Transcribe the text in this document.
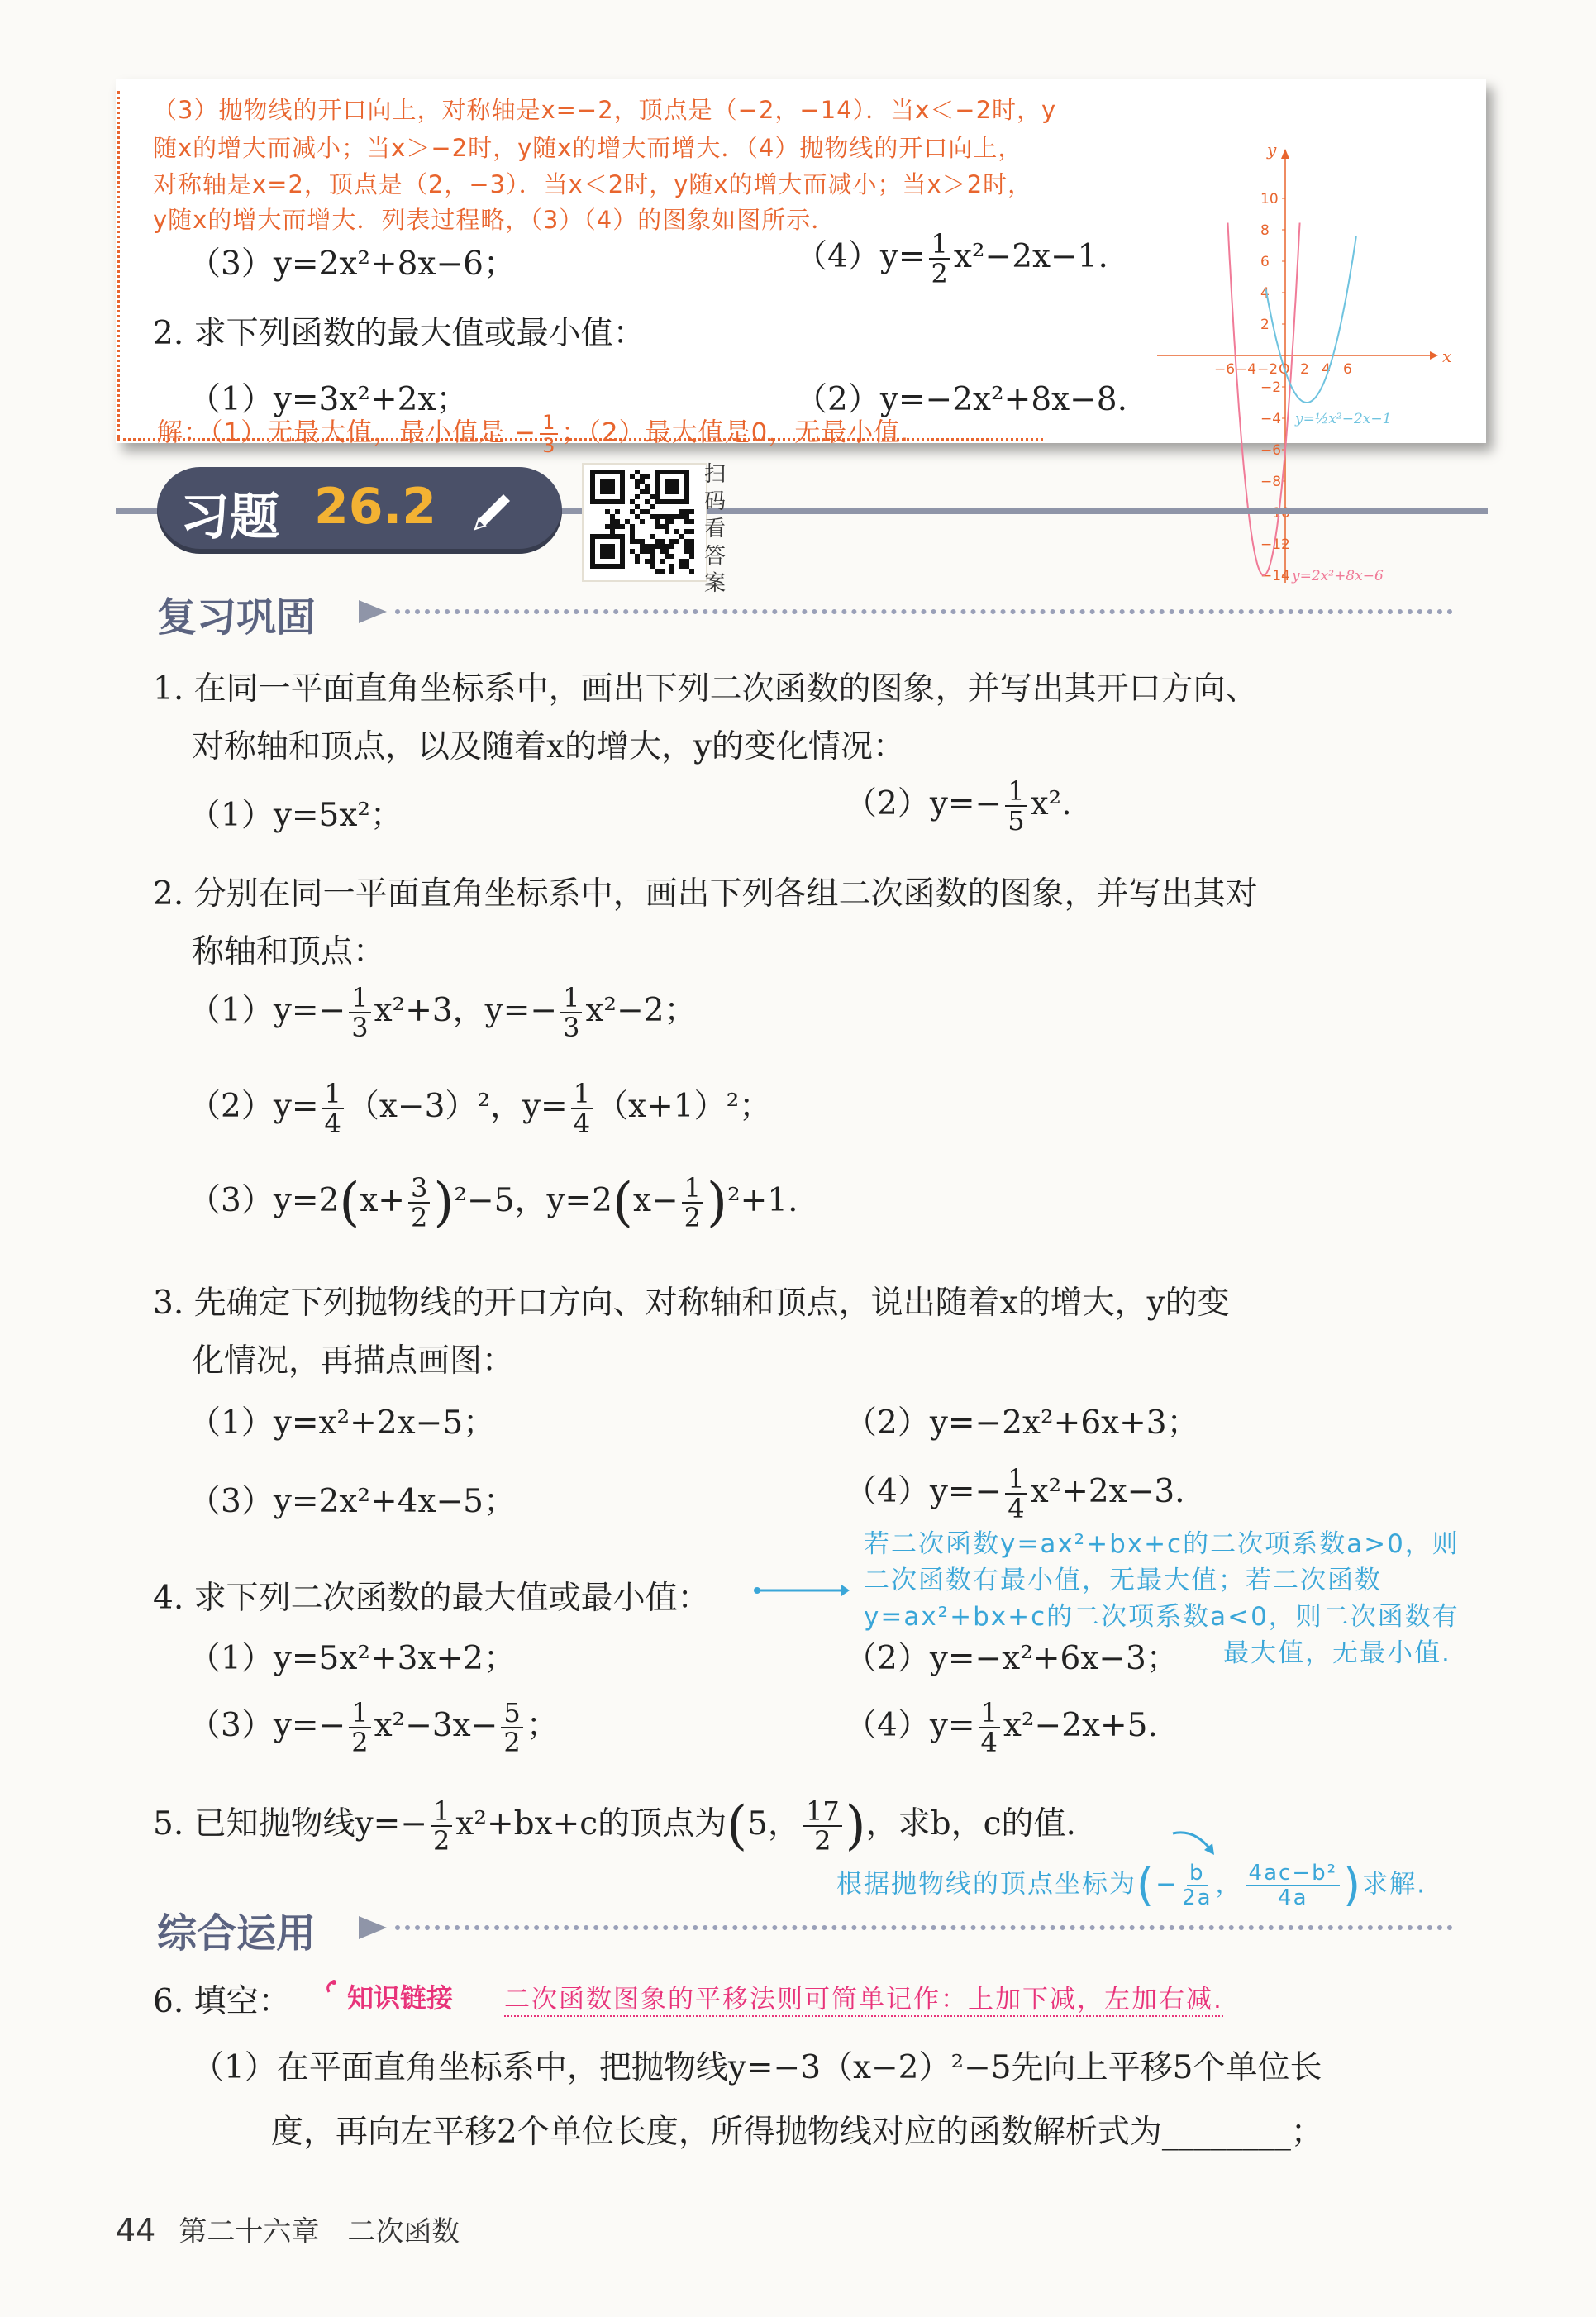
（3）抛物线的开口向上，对称轴是x=−2，顶点是（−2，−14）．当x＜−2时，y
随x的增大而减小；当x＞−2时，y随x的增大而增大．（4）抛物线的开口向上，
对称轴是x=2，顶点是（2，−3）．当x＜2时，y随x的增大而减小；当x＞2时，
y随x的增大而增大．列表过程略，（3）（4）的图象如图所示．
（3）y=2x²+8x−6；	$(4)y= \frac{1}{2} x^2-2x-1$.
2. 求下列函数的最大值或最小值：
（1）y=3x²+2x；	（2）y=−2x²+8x−8.
解：（1）无最大值，最小值是 − $\frac{1}{3}$ ；（2）最大值是0，无最小值.
x
y
−6 −4 −2 O 2 4 6
10
8
6
4
2
−2
−4
−6
−8
−12
−14
y=½x²−2x−1
y=2x²+8x−6
习题 26.2
扫码看答案
复习巩固
1. 在同一平面直角坐标系中，画出下列二次函数的图象，并写出其开口方向、
对称轴和顶点，以及随着x的增大，y的变化情况：
（1）y=5x²；	$(2)y=- \frac{1}{5} x^2$.
2. 分别在同一平面直角坐标系中，画出下列各组二次函数的图象，并写出其对
称轴和顶点：
$(1)y=- \frac{1}{3} x^2+3$，$y=- \frac{1}{3} x^2-2$；
$(2)y= \frac{1}{4} (x-3)^2$，$y= \frac{1}{4} (x+1)^2$；
$(3)y=2(x+ \frac{3}{2} )^2-5$，$y=2(x- \frac{1}{2} )^2+1$.
3. 先确定下列抛物线的开口方向、对称轴和顶点，说出随着x的增大，y的变
化情况，再描点画图：
（1）y=x²+2x−5；	（2）y=−2x²+6x+3；
（3）y=2x²+4x−5；	$(4)y=- \frac{1}{4} x^2+2x-3$.
4. 求下列二次函数的最大值或最小值：
若二次函数y=ax²+bx+c的二次项系数a>0，则
二次函数有最小值，无最大值；若二次函数
y=ax²+bx+c的二次项系数a<0，则二次函数有
最大值，无最小值.
（1）y=5x²+3x+2；	（2）y=−x²+6x−3；
$(3)y=- \frac{1}{2} x^2-3x- \frac{5}{2}$ ；	$(4)y= \frac{1}{4} x^2-2x+5$.
5. 已知抛物线$y=- \frac{1}{2} x^2+bx+c$的顶点为(5， $\frac{17}{2}$ )，求b，c的值.
根据抛物线的顶点坐标为(− $\frac{b}{2a}$ ， $\frac{\text{4ac−b²}}{4a}$ )求解.
综合运用
6. 填空： 知识链接 二次函数图象的平移法则可简单记作：上加下减，左加右减.
（1）在平面直角坐标系中，把抛物线y=−3（x−2）²−5先向上平移5个单位长
度，再向左平移2个单位长度，所得抛物线对应的函数解析式为________；
44 第二十六章　二次函数
